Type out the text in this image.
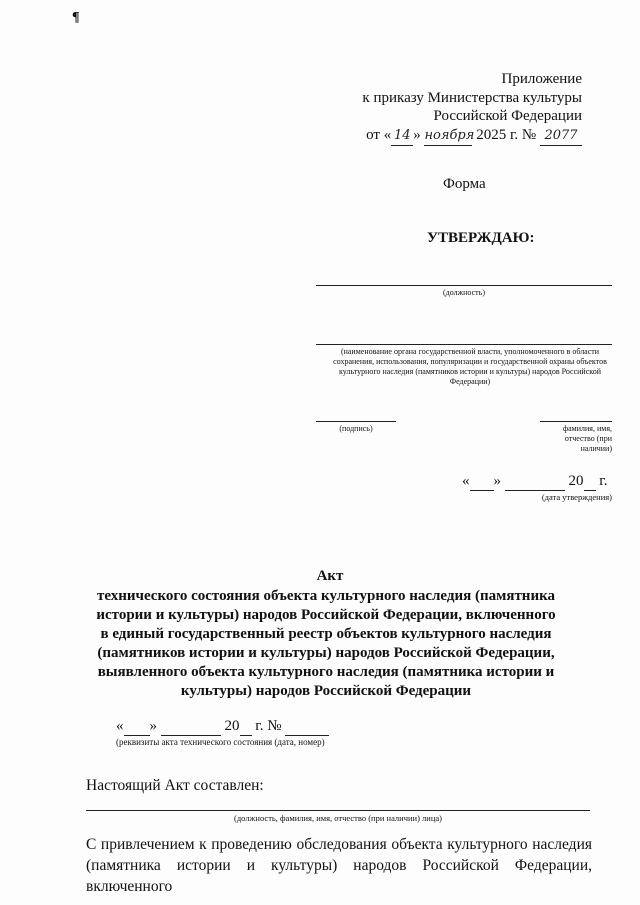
¶
Приложение
к приказу Министерства культуры
Российской Федерации
от « 14 » ноября 2025 г. № 2077
Форма
УТВЕРЖДАЮ:
(должность)
(наименование органа государственной власти, уполномоченного в области сохранения, использования, популяризации и государственной охраны объектов культурного наследия (памятников истории и культуры) народов Российской Федерации)
(подпись)	фамилия, имя, отчество (при наличии)
« »	20 г.
(дата утверждения)
Акт
технического состояния объекта культурного наследия (памятника истории и культуры) народов Российской Федерации, включенного в единый государственный реестр объектов культурного наследия (памятников истории и культуры) народов Российской Федерации, выявленного объекта культурного наследия (памятника истории и культуры) народов Российской Федерации
« »	20 г. №
(реквизиты акта технического состояния (дата, номер)
Настоящий Акт составлен:
(должность, фамилия, имя, отчество (при наличии) лица)
С привлечением к проведению обследования объекта культурного наследия (памятника истории и культуры) народов Российской Федерации, включенного
